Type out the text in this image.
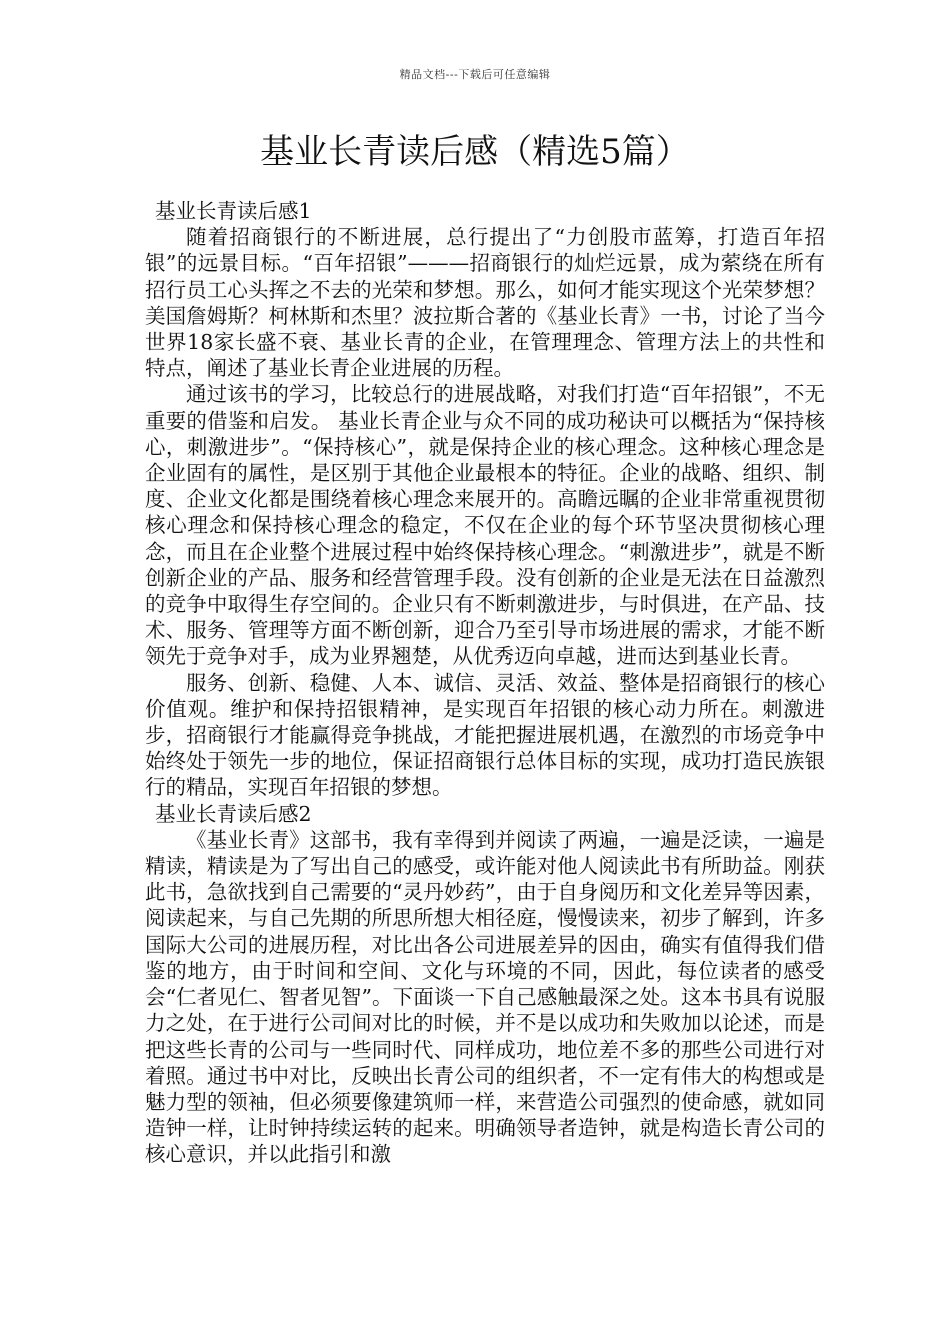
精品文档---下载后可任意编辑
基业长青读后感（精选5篇）

基业长青读后感1

随着招商银行的不断进展，总行提出了“力创股市蓝筹，打造百年招银”的远景目标。“百年招银”———招商银行的灿烂远景，成为萦绕在所有招行员工心头挥之不去的光荣和梦想。那么，如何才能实现这个光荣梦想？美国詹姆斯？柯林斯和杰里？波拉斯合著的《基业长青》一书，讨论了当今世界18家长盛不衰、基业长青的企业，在管理理念、管理方法上的共性和特点，阐述了基业长青企业进展的历程。

通过该书的学习，比较总行的进展战略，对我们打造“百年招银”，不无重要的借鉴和启发。 基业长青企业与众不同的成功秘诀可以概括为“保持核心，刺激进步”。“保持核心”，就是保持企业的核心理念。这种核心理念是企业固有的属性，是区别于其他企业最根本的特征。企业的战略、组织、制度、企业文化都是围绕着核心理念来展开的。高瞻远瞩的企业非常重视贯彻核心理念和保持核心理念的稳定，不仅在企业的每个环节坚决贯彻核心理念，而且在企业整个进展过程中始终保持核心理念。“刺激进步”，就是不断创新企业的产品、服务和经营管理手段。没有创新的企业是无法在日益激烈的竞争中取得生存空间的。企业只有不断刺激进步，与时俱进，在产品、技术、服务、管理等方面不断创新，迎合乃至引导市场进展的需求，才能不断领先于竞争对手，成为业界翘楚，从优秀迈向卓越，进而达到基业长青。

服务、创新、稳健、人本、诚信、灵活、效益、整体是招商银行的核心价值观。维护和保持招银精神，是实现百年招银的核心动力所在。刺激进步，招商银行才能赢得竞争挑战，才能把握进展机遇，在激烈的市场竞争中始终处于领先一步的地位，保证招商银行总体目标的实现，成功打造民族银行的精品，实现百年招银的梦想。

基业长青读后感2

《基业长青》这部书，我有幸得到并阅读了两遍，一遍是泛读，一遍是精读，精读是为了写出自己的感受，或许能对他人阅读此书有所助益。刚获此书，急欲找到自己需要的“灵丹妙药”，由于自身阅历和文化差异等因素，阅读起来，与自己先期的所思所想大相径庭，慢慢读来，初步了解到，许多国际大公司的进展历程，对比出各公司进展差异的因由，确实有值得我们借鉴的地方，由于时间和空间、文化与环境的不同，因此，每位读者的感受会“仁者见仁、智者见智”。下面谈一下自己感触最深之处。这本书具有说服力之处，在于进行公司间对比的时候，并不是以成功和失败加以论述，而是把这些长青的公司与一些同时代、同样成功，地位差不多的那些公司进行对着照。通过书中对比，反映出长青公司的组织者，不一定有伟大的构想或是魅力型的领袖，但必须要像建筑师一样，来营造公司强烈的使命感，就如同造钟一样，让时钟持续运转的起来。明确领导者造钟，就是构造长青公司的核心意识，并以此指引和激
